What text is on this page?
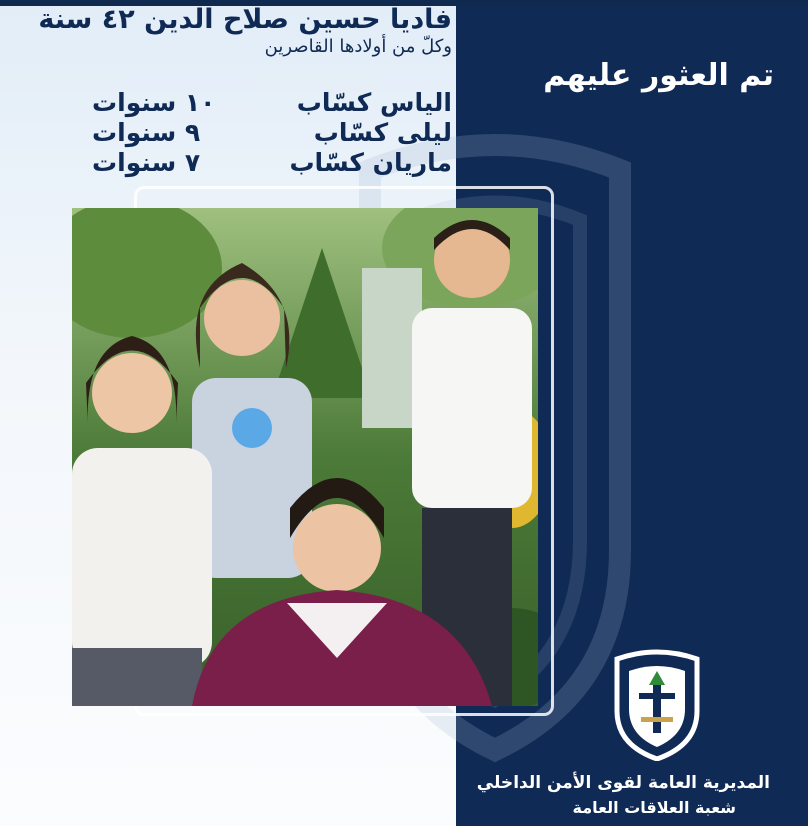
تم العثور عليهم
فاديا حسين صلاح الدين ٤٢ سنة
وكلّ من أولادها القاصرين
الياس كسّاب
١٠ سنوات
ليلى كسّاب
٩ سنوات
ماريان كسّاب
٧ سنوات
المديرية العامة لقوى الأمن الداخلي
شعبة العلاقات العامة
